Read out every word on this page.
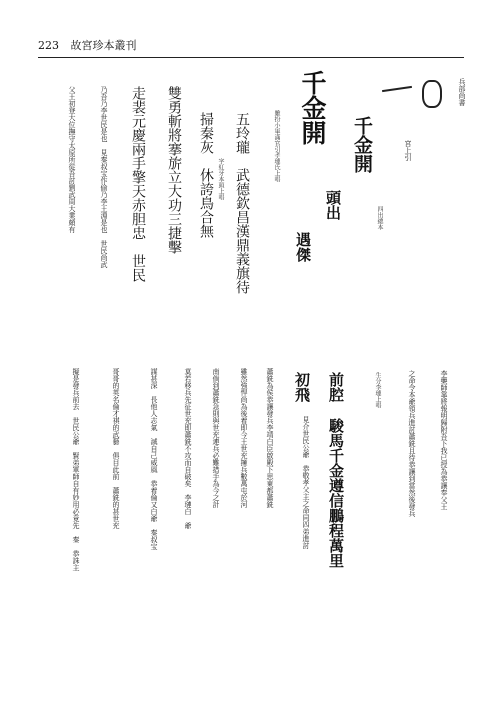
223 故宮珍本叢刊
兵部尚書
宮上引
千金開
四出總本
千金開
頭出
遇傑
雖扮小軍滿官引孝璉氏上唱
五玲瓏　武德欽昌漢鼎義旗待
字紅牙本頭上唱
掃秦灰　休誇鳥合無
雙勇斬將搴旂立大功三捷擊
走裴元慶兩手擎天赤胆忠　世民
乃吾乃李世民是也　見秦叔宝作偷乃李王淵是也　世民尚武
父王初登大位撫守太原所從吾討劉武周大業頗有
李藥師靠將報明歸附吾下我已授為恭讓奉父王
之命令本爺領兵進討蕭銑且待恭讓到當然後發兵
生分李璉上唱
前腔
駿馬千金遵信鵬程萬里
初飛
見介世民公爺　恭敬孝父主之命同四弟進討
蕭銑為侯恭讓發兵李靖白臣啟殿下思東都蕭銑
雖然強悍尚為後着即今王世充擁兵數萬屯於河
南倘到蕭銑急則與世充連兵必難措手為今之計
莫若移兵先征世充即蕭銑不攻而自破矣　李璉白　爺
謀甚深　長他人志氣　滅自己威風　恭着倫又白爺　秦叔宝
哥哥的英名倫才祺的武藝　俱目此前　蕭銑的甚世充
擬是發兵前去　世民公爺　賢弟軍師自有妙用必竟先　秦　恭誅主
